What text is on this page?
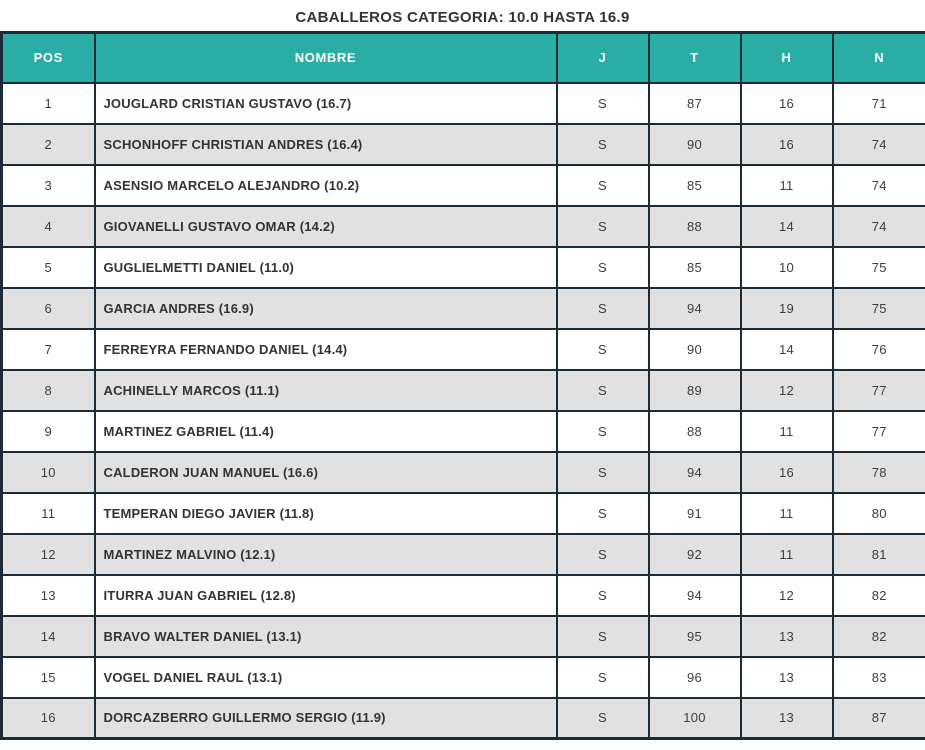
CABALLEROS CATEGORIA: 10.0 HASTA 16.9
POS	NOMBRE	J	T	H	N
1	JOUGLARD CRISTIAN GUSTAVO (16.7)	S	87	16	71
2	SCHONHOFF CHRISTIAN ANDRES (16.4)	S	90	16	74
3	ASENSIO MARCELO ALEJANDRO (10.2)	S	85	11	74
4	GIOVANELLI GUSTAVO OMAR (14.2)	S	88	14	74
5	GUGLIELMETTI DANIEL (11.0)	S	85	10	75
6	GARCIA ANDRES (16.9)	S	94	19	75
7	FERREYRA FERNANDO DANIEL (14.4)	S	90	14	76
8	ACHINELLY MARCOS (11.1)	S	89	12	77
9	MARTINEZ GABRIEL (11.4)	S	88	11	77
10	CALDERON JUAN MANUEL (16.6)	S	94	16	78
11	TEMPERAN DIEGO JAVIER (11.8)	S	91	11	80
12	MARTINEZ MALVINO (12.1)	S	92	11	81
13	ITURRA JUAN GABRIEL (12.8)	S	94	12	82
14	BRAVO WALTER DANIEL (13.1)	S	95	13	82
15	VOGEL DANIEL RAUL (13.1)	S	96	13	83
16	DORCAZBERRO GUILLERMO SERGIO (11.9)	S	100	13	87
